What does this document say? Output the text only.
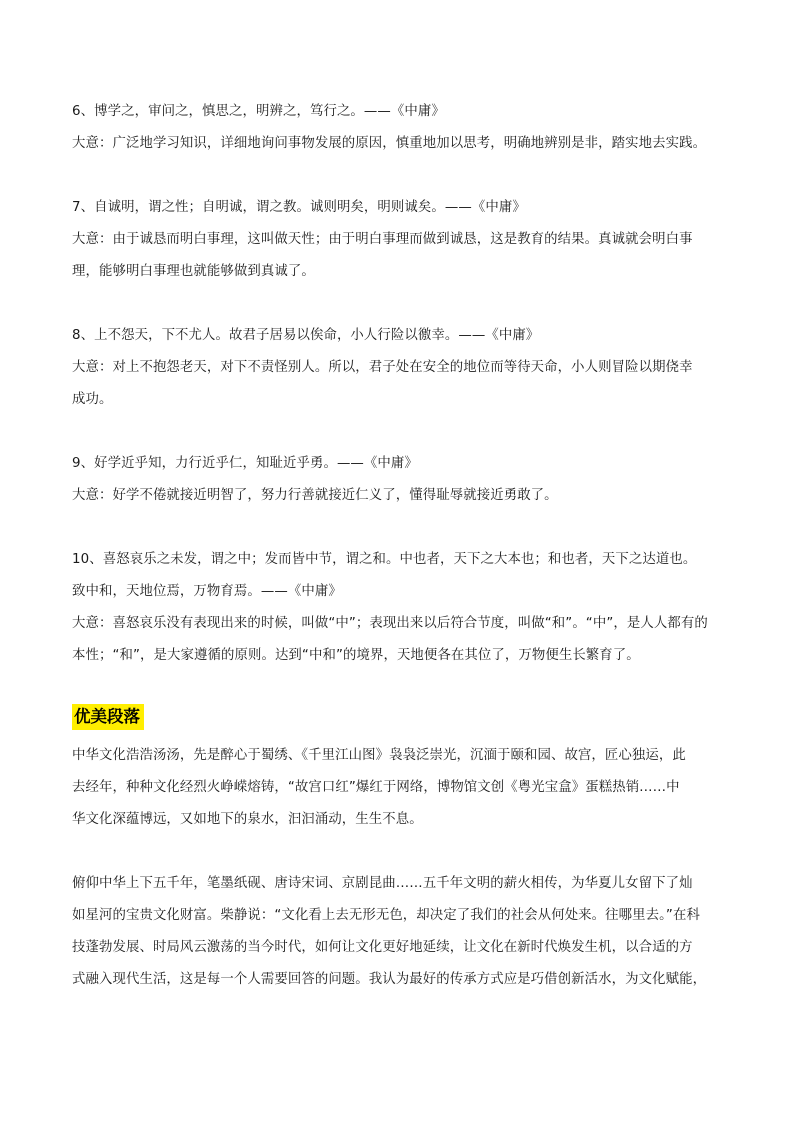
6、博学之，审问之，慎思之，明辨之，笃行之。——《中庸》
大意：广泛地学习知识，详细地询问事物发展的原因，慎重地加以思考，明确地辨别是非，踏实地去实践。
7、自诚明，谓之性；自明诚，谓之教。诚则明矣，明则诚矣。——《中庸》
大意：由于诚恳而明白事理，这叫做天性；由于明白事理而做到诚恳，这是教育的结果。真诚就会明白事
理，能够明白事理也就能够做到真诚了。
8、上不怨天，下不尤人。故君子居易以俟命，小人行险以徼幸。——《中庸》
大意：对上不抱怨老天，对下不责怪别人。所以，君子处在安全的地位而等待天命，小人则冒险以期侥幸
成功。
9、好学近乎知，力行近乎仁，知耻近乎勇。——《中庸》
大意：好学不倦就接近明智了，努力行善就接近仁义了，懂得耻辱就接近勇敢了。
10、喜怒哀乐之未发，谓之中；发而皆中节，谓之和。中也者，天下之大本也；和也者，天下之达道也。
致中和，天地位焉，万物育焉。——《中庸》
大意：喜怒哀乐没有表现出来的时候，叫做“中”；表现出来以后符合节度，叫做“和”。“中”，是人人都有的
本性；“和”，是大家遵循的原则。达到“中和”的境界，天地便各在其位了，万物便生长繁育了。
优美段落
中华文化浩浩汤汤，先是醉心于蜀绣、《千里江山图》袅袅泛崇光，沉湎于颐和园、故宫，匠心独运，此
去经年，种种文化经烈火峥嵘熔铸，“故宫口红”爆红于网络，博物馆文创《粤光宝盒》蛋糕热销……中
华文化深蕴博远，又如地下的泉水，汩汩涌动，生生不息。
俯仰中华上下五千年，笔墨纸砚、唐诗宋词、京剧昆曲……五千年文明的薪火相传，为华夏儿女留下了灿
如星河的宝贵文化财富。柴静说：“文化看上去无形无色，却决定了我们的社会从何处来。往哪里去。”在科
技蓬勃发展、时局风云激荡的当今时代，如何让文化更好地延续，让文化在新时代焕发生机，以合适的方
式融入现代生活，这是每一个人需要回答的问题。我认为最好的传承方式应是巧借创新活水，为文化赋能，
